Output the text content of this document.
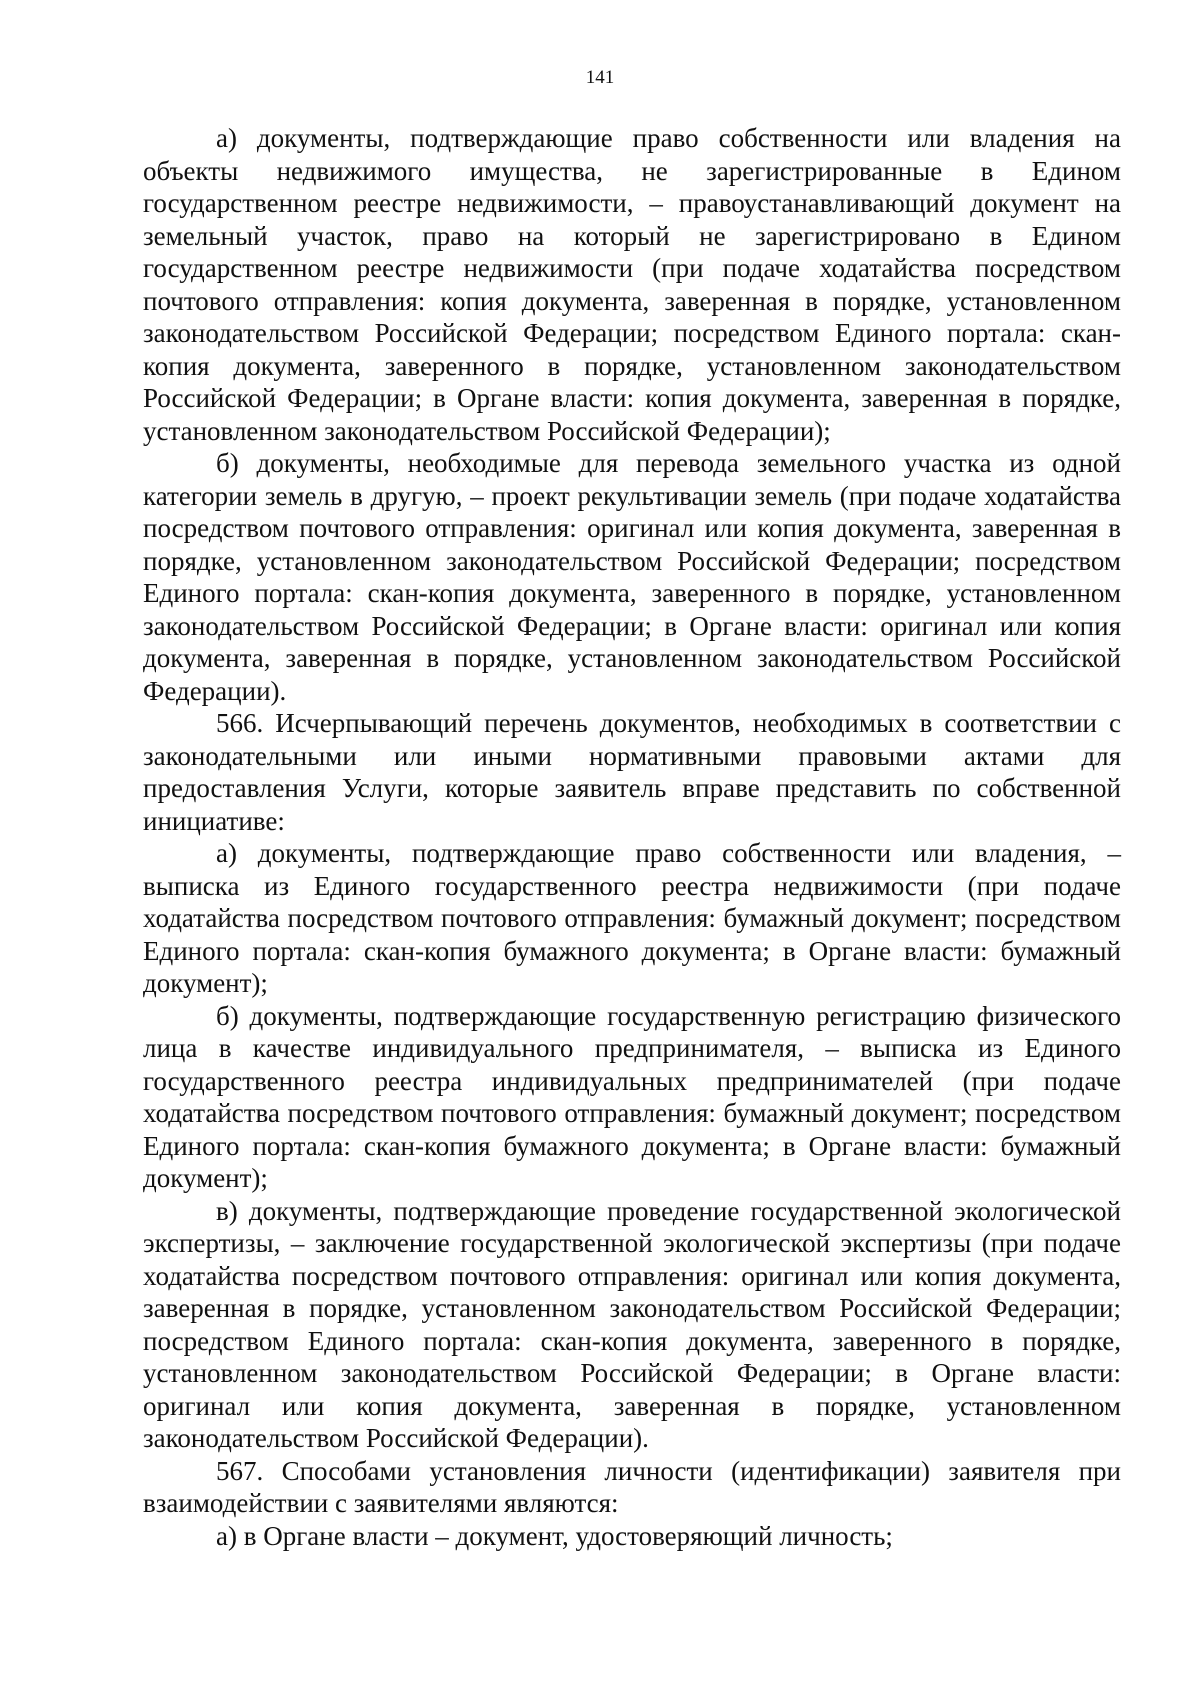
141

а) документы, подтверждающие право собственности или владения на объекты недвижимого имущества, не зарегистрированные в Едином государственном реестре недвижимости, – правоустанавливающий документ на земельный участок, право на который не зарегистрировано в Едином государственном реестре недвижимости (при подаче ходатайства посредством почтового отправления: копия документа, заверенная в порядке, установленном законодательством Российской Федерации; посредством Единого портала: скан-копия документа, заверенного в порядке, установленном законодательством Российской Федерации; в Органе власти: копия документа, заверенная в порядке, установленном законодательством Российской Федерации);

б) документы, необходимые для перевода земельного участка из одной категории земель в другую, – проект рекультивации земель (при подаче ходатайства посредством почтового отправления: оригинал или копия документа, заверенная в порядке, установленном законодательством Российской Федерации; посредством Единого портала: скан-копия документа, заверенного в порядке, установленном законодательством Российской Федерации; в Органе власти: оригинал или копия документа, заверенная в порядке, установленном законодательством Российской Федерации).

566. Исчерпывающий перечень документов, необходимых в соответствии с законодательными или иными нормативными правовыми актами для предоставления Услуги, которые заявитель вправе представить по собственной инициативе:

а) документы, подтверждающие право собственности или владения, – выписка из Единого государственного реестра недвижимости (при подаче ходатайства посредством почтового отправления: бумажный документ; посредством Единого портала: скан-копия бумажного документа; в Органе власти: бумажный документ);

б) документы, подтверждающие государственную регистрацию физического лица в качестве индивидуального предпринимателя, – выписка из Единого государственного реестра индивидуальных предпринимателей (при подаче ходатайства посредством почтового отправления: бумажный документ; посредством Единого портала: скан-копия бумажного документа; в Органе власти: бумажный документ);

в) документы, подтверждающие проведение государственной экологической экспертизы, – заключение государственной экологической экспертизы (при подаче ходатайства посредством почтового отправления: оригинал или копия документа, заверенная в порядке, установленном законодательством Российской Федерации; посредством Единого портала: скан-копия документа, заверенного в порядке, установленном законодательством Российской Федерации; в Органе власти: оригинал или копия документа, заверенная в порядке, установленном законодательством Российской Федерации).

567. Способами установления личности (идентификации) заявителя при взаимодействии с заявителями являются:

а) в Органе власти – документ, удостоверяющий личность;
